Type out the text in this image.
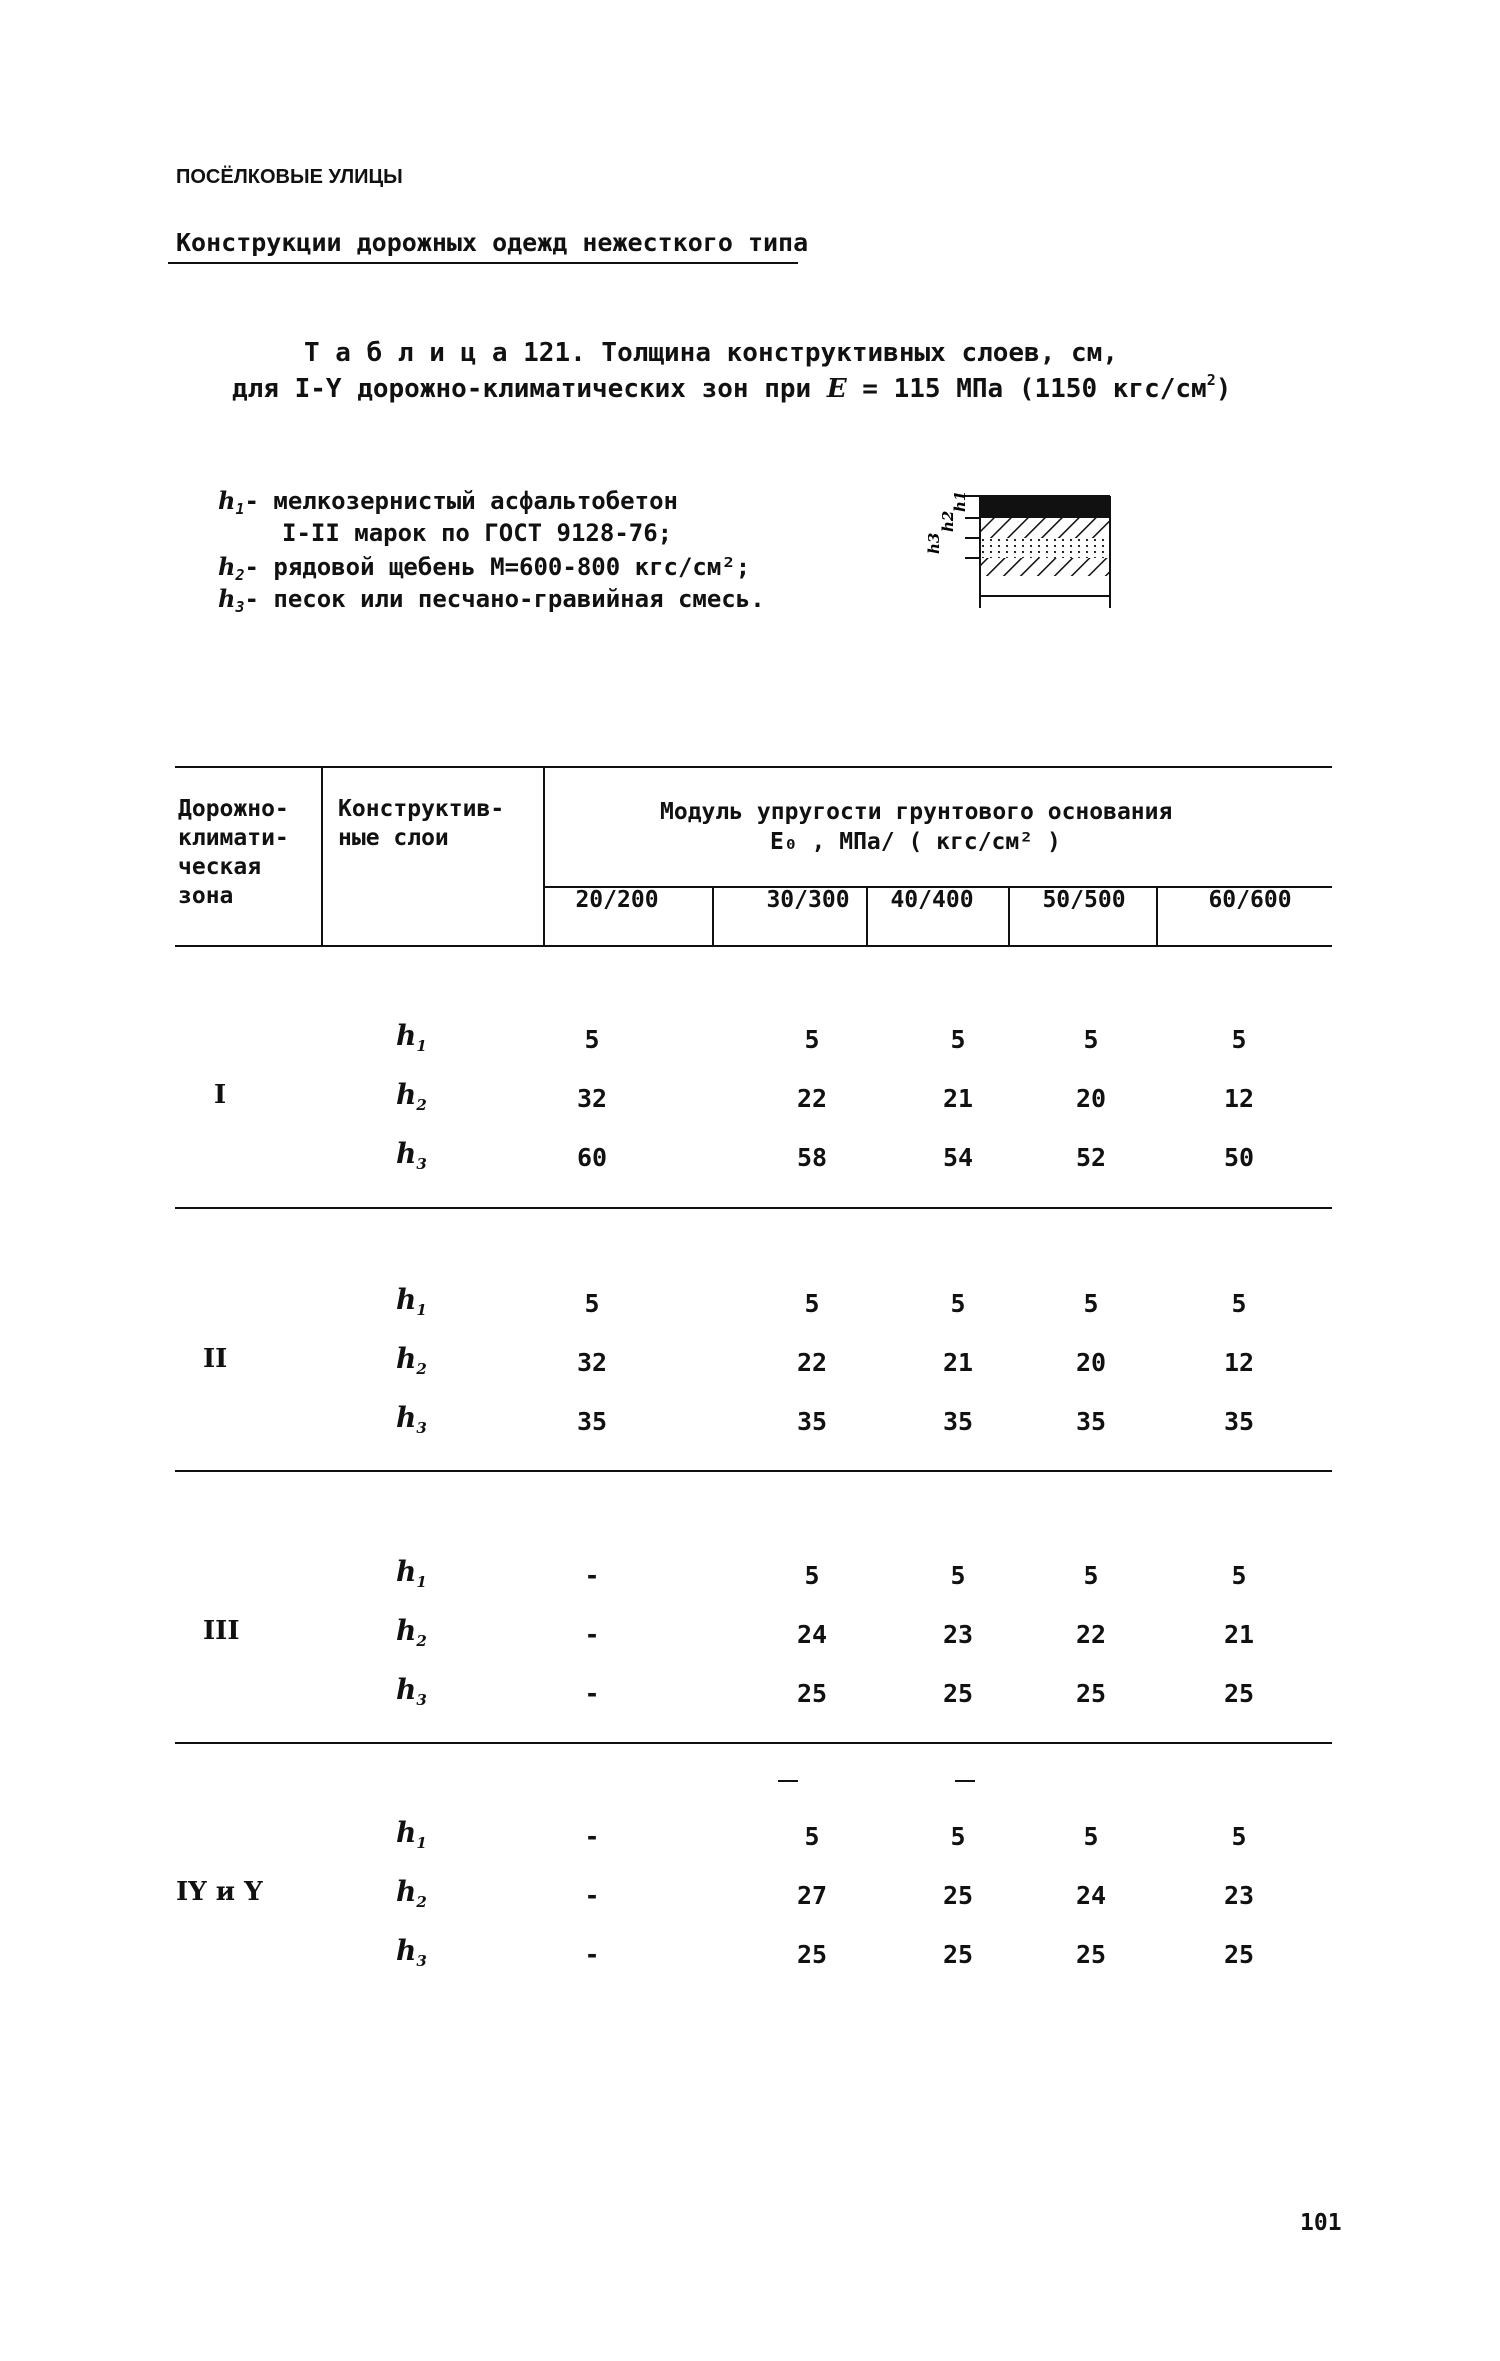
ПОСЁЛКОВЫЕ УЛИЦЫ
Конструкции дорожных одежд нежесткого типа
Т а б л и ц а 121. Толщина конструктивных слоев, см,
для I-Y дорожно-климатических зон при E = 115 МПа (1150 кгс/$см^2$)
$h_1-$ мелкозернистый асфальтобетон
I-II марок по ГОСТ 9128-76;
$h_2-$ рядовой щебень М=600-800 кгс/см²;
$h_3-$ песок или песчано-гравийная смесь.
h3
h2
h1
Дорожно-
климати-
ческая
зона
Конструктив-
ные слои
Модуль упругости грунтового основания
E₀ , МПа/ ( кгс/см² )
20/200	30/300	40/400	50/500	60/600
I
$h_1$	5	5	5	5	5
$h_2$	32	22	21	20	12
$h_3$	60	58	54	52	50
II
$h_1$	5	5	5	5	5
$h_2$	32	22	21	20	12
$h_3$	35	35	35	35	35
III
$h_1$	-	5	5	5	5
$h_2$	-	24	23	22	21
$h_3$	-	25	25	25	25
IY и Y
$h_1$	-	5	5	5	5
$h_2$	-	27	25	24	23
$h_3$	-	25	25	25	25
101
